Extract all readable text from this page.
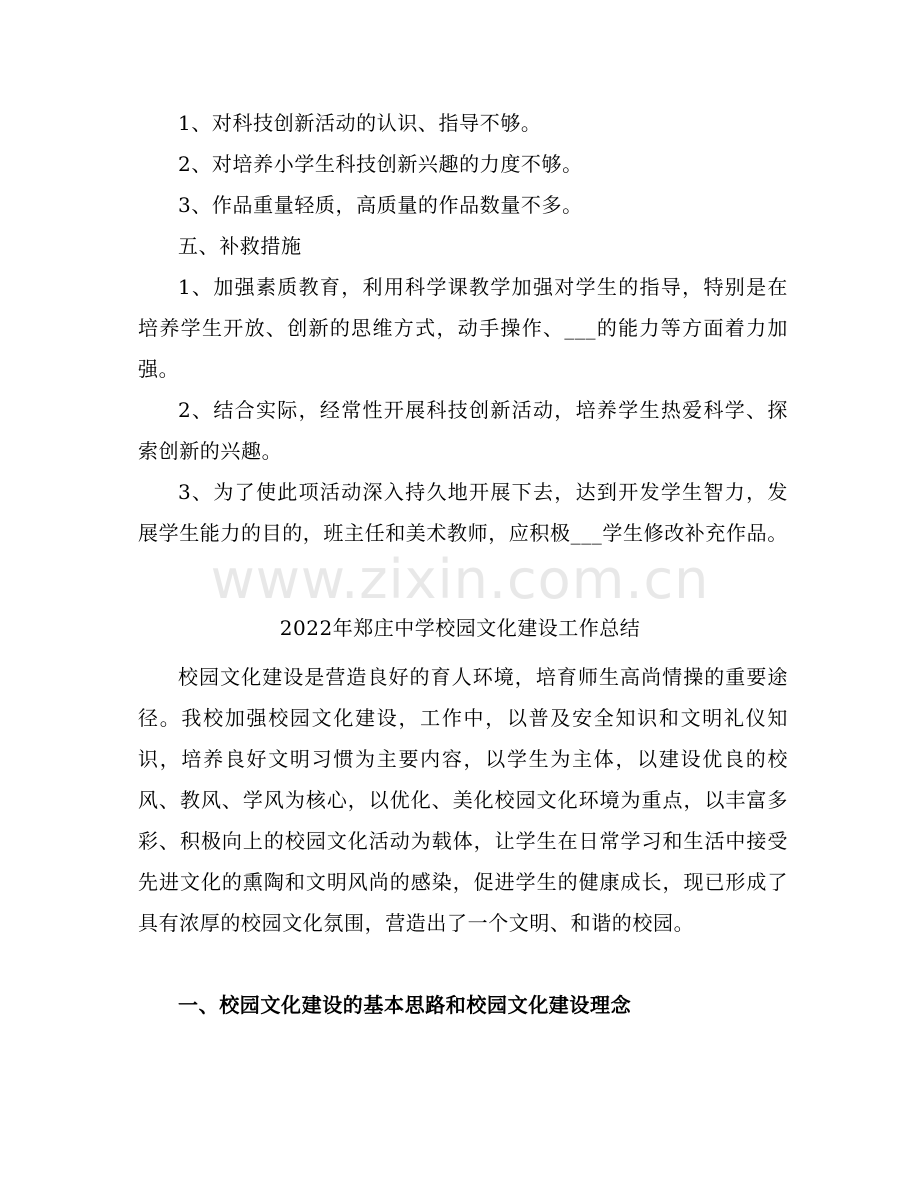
www.zixin.com.cn

1、对科技创新活动的认识、指导不够。

2、对培养小学生科技创新兴趣的力度不够。

3、作品重量轻质，高质量的作品数量不多。

五、补救措施

1、加强素质教育，利用科学课教学加强对学生的指导，特别是在培养学生开放、创新的思维方式，动手操作、___的能力等方面着力加强。

2、结合实际，经常性开展科技创新活动，培养学生热爱科学、探索创新的兴趣。

3、为了使此项活动深入持久地开展下去，达到开发学生智力，发展学生能力的目的，班主任和美术教师，应积极___学生修改补充作品。

2022年郑庄中学校园文化建设工作总结

校园文化建设是营造良好的育人环境，培育师生高尚情操的重要途径。我校加强校园文化建设，工作中，以普及安全知识和文明礼仪知识，培养良好文明习惯为主要内容，以学生为主体，以建设优良的校风、教风、学风为核心，以优化、美化校园文化环境为重点，以丰富多彩、积极向上的校园文化活动为载体，让学生在日常学习和生活中接受先进文化的熏陶和文明风尚的感染，促进学生的健康成长，现已形成了具有浓厚的校园文化氛围，营造出了一个文明、和谐的校园。

一、校园文化建设的基本思路和校园文化建设理念
